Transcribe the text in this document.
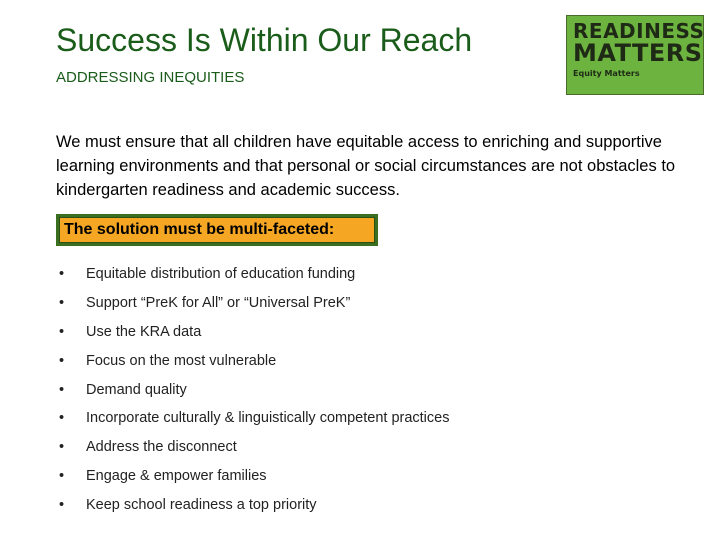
Success Is Within Our Reach
ADDRESSING INEQUITIES
READINESS
MATTERS
Equity Matters
We must ensure that all children have equitable access to enriching and supportive learning environments and that personal or social circumstances are not obstacles to kindergarten readiness and academic success.
The solution must be multi-faceted:
•	Equitable distribution of education funding
•	Support “PreK for All” or “Universal PreK”
•	Use the KRA data
•	Focus on the most vulnerable
•	Demand quality
•	Incorporate culturally & linguistically competent practices
•	Address the disconnect
•	Engage & empower families
•	Keep school readiness a top priority
